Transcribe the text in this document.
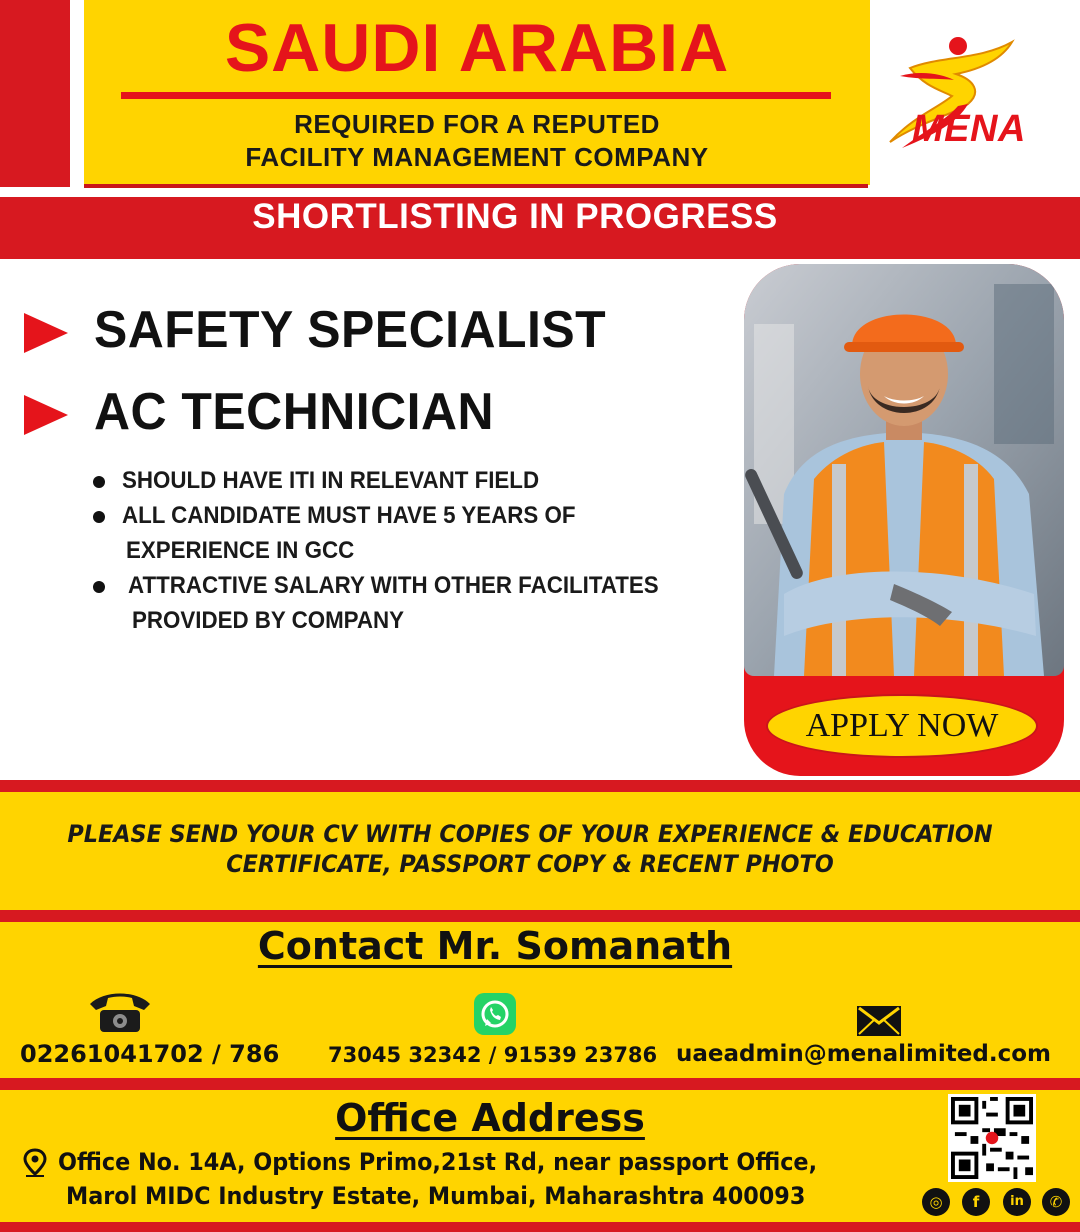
SAUDI ARABIA
REQUIRED FOR A REPUTED
FACILITY MANAGEMENT COMPANY
MENA
SHORTLISTING IN PROGRESS
SAFETY SPECIALIST
AC TECHNICIAN
SHOULD HAVE ITI IN RELEVANT FIELD
ALL CANDIDATE MUST HAVE 5 YEARS OF
EXPERIENCE IN GCC
ATTRACTIVE SALARY WITH OTHER FACILITATES
PROVIDED BY COMPANY
APPLY NOW
PLEASE SEND YOUR CV WITH COPIES OF YOUR EXPERIENCE & EDUCATION
CERTIFICATE, PASSPORT COPY & RECENT PHOTO
Contact Mr. Somanath
02261041702 / 786 73045 32342 / 91539 23786 uaeadmin@menalimited.com
Office Address
Office No. 14A, Options Primo,21st Rd, near passport Office,
Marol MIDC Industry Estate, Mumbai, Maharashtra 400093	◎	f	in	✆
